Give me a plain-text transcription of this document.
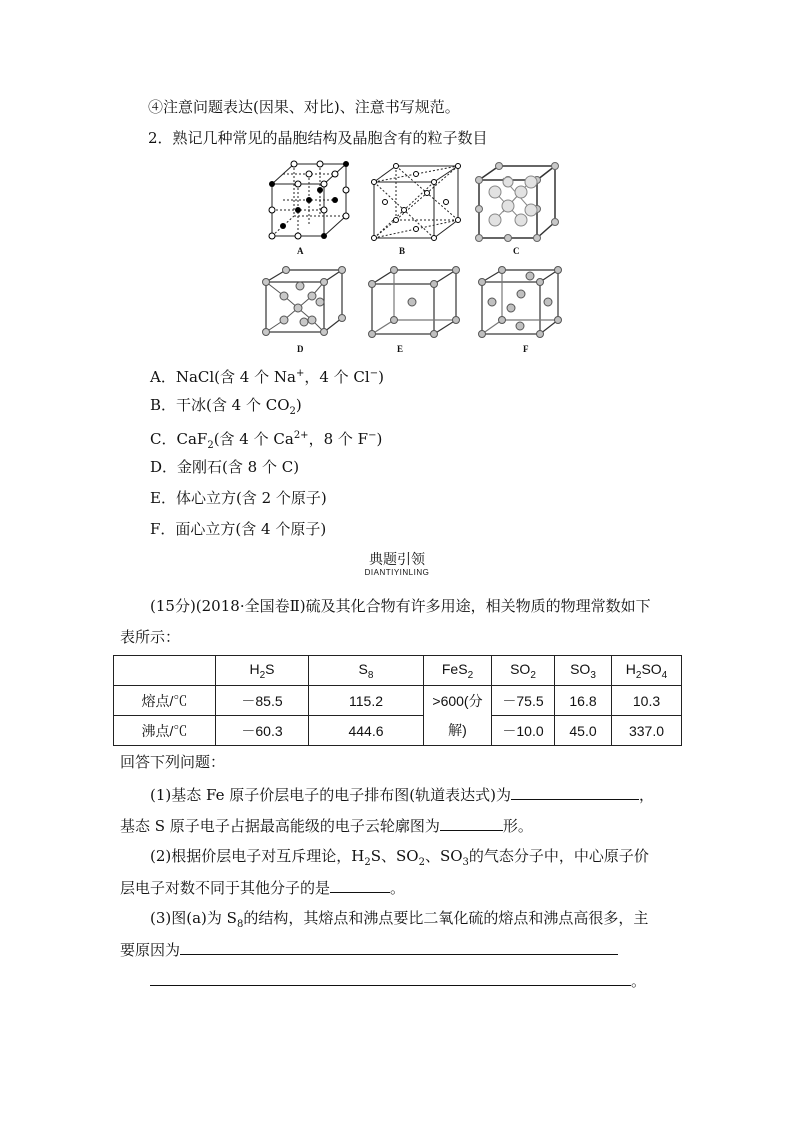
④注意问题表达(因果、对比)、注意书写规范。
2．熟记几种常见的晶胞结构及晶胞含有的粒子数目
A	B	C
D	E	F
A．NaCl(含 4 个 Na+，4 个 Cl−)
B．干冰(含 4 个 $CO_2$)
C．CaF$_2$(含 4 个 $Ca^{2+}$，8 个 F−)
D．金刚石(含 8 个 C)
E．体心立方(含 2 个原子)
F．面心立方(含 4 个原子)
典题引领
DIANTIYINLING
(15分)(2018·全国卷Ⅱ)硫及其化合物有许多用途，相关物质的物理常数如下
表所示：
	$H_2S$	$S_8$	FeS$_2$	$SO_2$	$SO_3$	$H_2SO_4$
熔点/℃	－85.5	115.2	>600(分	－75.5	16.8	10.3
沸点/℃	－60.3	444.6	解)	－10.0	45.0	337.0
回答下列问题：
(1)基态 Fe 原子价层电子的电子排布图(轨道表达式)为	，
基态 S 原子电子占据最高能级的电子云轮廓图为	形。
(2)根据价层电子对互斥理论，$H_2S$、$SO_2$、$SO_3$的气态分子中，中心原子价
层电子对数不同于其他分子的是	。
(3)图(a)为 $S_8$的结构，其熔点和沸点要比二氧化硫的熔点和沸点高很多，主
要原因为
。
